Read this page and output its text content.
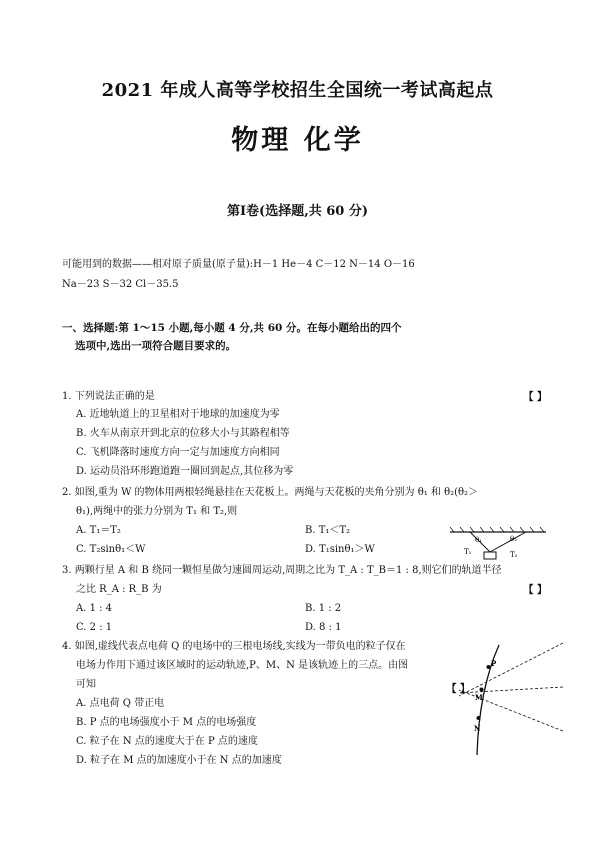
2021 年成人高等学校招生全国统一考试高起点
物理 化学
第Ⅰ卷(选择题,共 60 分)
可能用到的数据——相对原子质量(原子量):H－1 He－4 C－12 N－14 O－16
Na－23 S－32 Cl－35.5
一、选择题:第 1～15 小题,每小题 4 分,共 60 分。在每小题给出的四个
选项中,选出一项符合题目要求的。
1. 下列说法正确的是	【 】
A. 近地轨道上的卫星相对于地球的加速度为零
B. 火车从南京开到北京的位移大小与其路程相等
C. 飞机降落时速度方向一定与加速度方向相同
D. 运动员沿环形跑道跑一圈回到起点,其位移为零
2. 如图,重为 W 的物体用两根轻绳悬挂在天花板上。两绳与天花板的夹角分别为 θ₁ 和 θ₂(θ₂＞
θ₁),两绳中的张力分别为 T₁ 和 T₂,则
A. T₁＝T₂	B. T₁＜T₂
C. T₂sinθ₁＜W	D. T₁sinθ₁＞W
θ₁	θ₂
T₁	T₂
3. 两颗行星 A 和 B 绕同一颗恒星做匀速圆周运动,周期之比为 T_A : T_B＝1 : 8,则它们的轨道半径
之比 R_A : R_B 为	【 】
A. 1 : 4	B. 1 : 2
C. 2 : 1	D. 8 : 1
4. 如图,虚线代表点电荷 Q 的电场中的三根电场线,实线为一带负电的粒子仅在
电场力作用下通过该区域时的运动轨迹,P、M、N 是该轨迹上的三点。由图
可知	【 】
A. 点电荷 Q 带正电
B. P 点的电场强度小于 M 点的电场强度
C. 粒子在 N 点的速度大于在 P 点的速度
D. 粒子在 M 点的加速度小于在 N 点的加速度
P
M
N
